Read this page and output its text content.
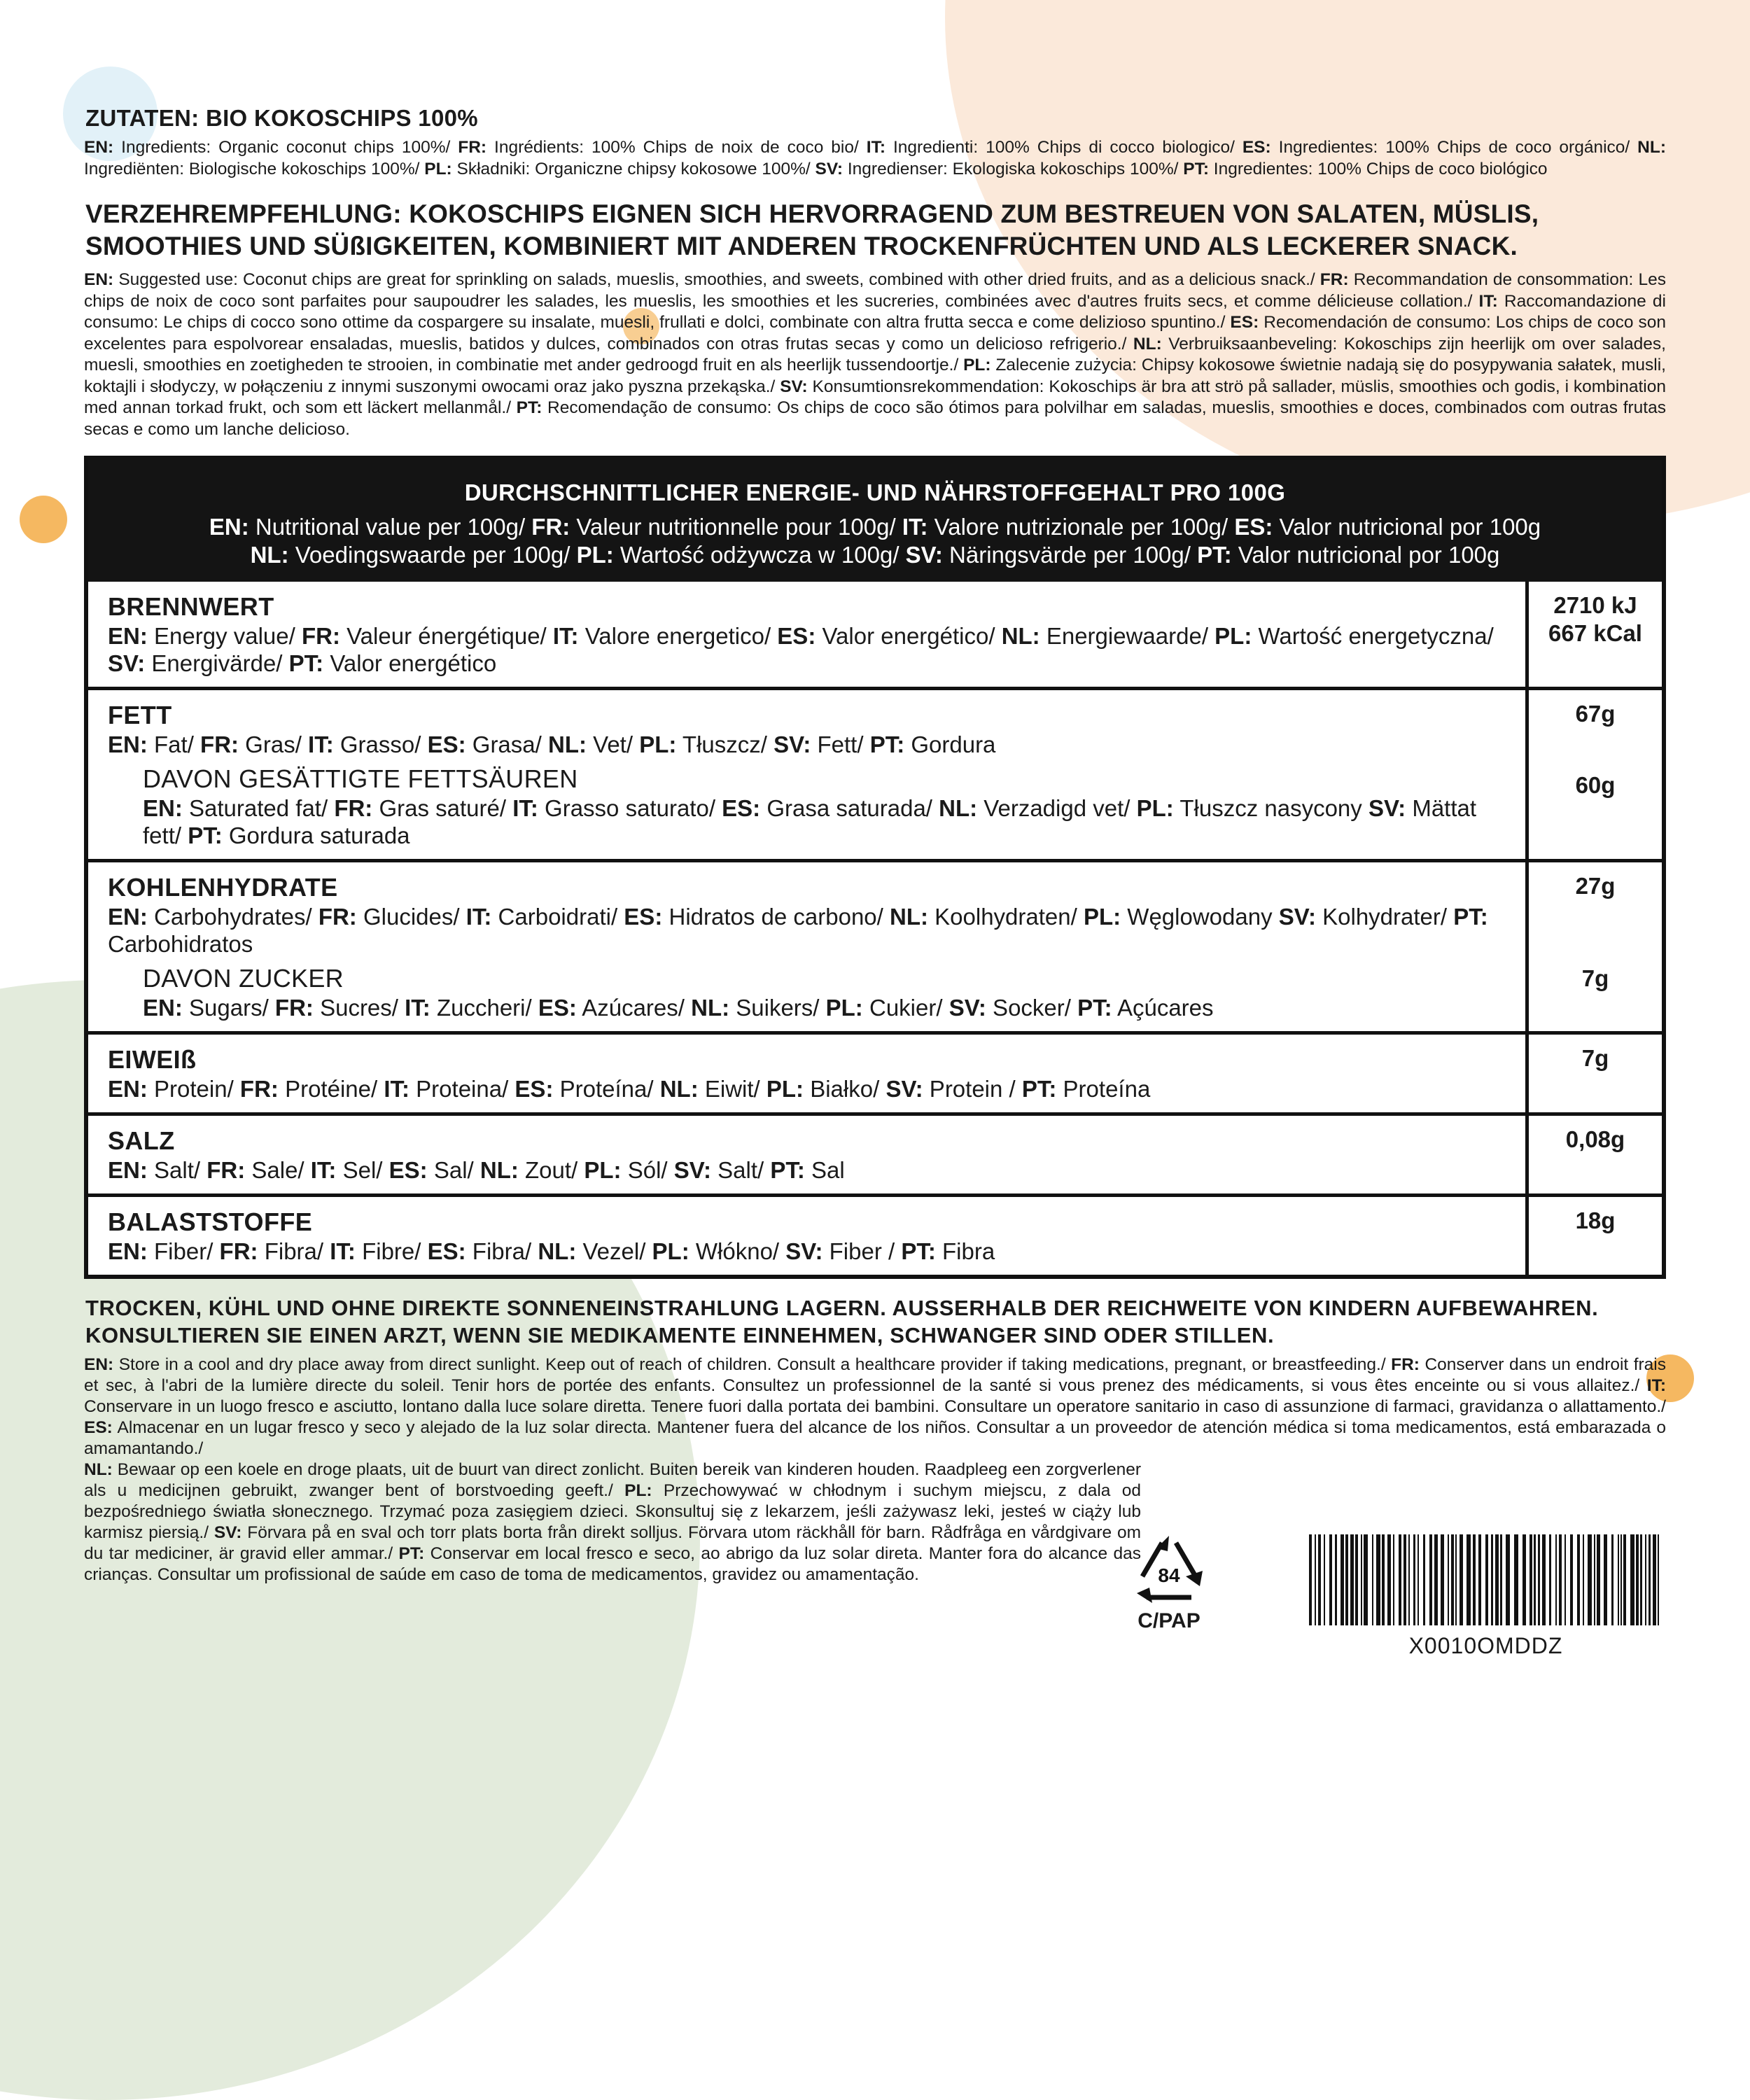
ZUTATEN: BIO KOKOSCHIPS 100%

EN: Ingredients: Organic coconut chips 100%/ FR: Ingrédients: 100% Chips de noix de coco bio/ IT: Ingredienti: 100% Chips di cocco biologico/ ES: Ingredientes: 100% Chips de coco orgánico/ NL: Ingrediënten: Biologische kokoschips 100%/ PL: Składniki: Organiczne chipsy kokosowe 100%/ SV: Ingredienser: Ekologiska kokoschips 100%/ PT: Ingredientes: 100% Chips de coco biológico

VERZEHREMPFEHLUNG: KOKOSCHIPS EIGNEN SICH HERVORRAGEND ZUM BESTREUEN VON SALATEN, MÜSLIS, SMOOTHIES UND SÜßIGKEITEN, KOMBINIERT MIT ANDEREN TROCKENFRÜCHTEN UND ALS LECKERER SNACK.

EN: Suggested use: Coconut chips are great for sprinkling on salads, mueslis, smoothies, and sweets, combined with other dried fruits, and as a delicious snack./ FR: Recommandation de consommation: Les chips de noix de coco sont parfaites pour saupoudrer les salades, les mueslis, les smoothies et les sucreries, combinées avec d'autres fruits secs, et comme délicieuse collation./ IT: Raccomandazione di consumo: Le chips di cocco sono ottime da cospargere su insalate, muesli, frullati e dolci, combinate con altra frutta secca e come delizioso spuntino./ ES: Recomendación de consumo: Los chips de coco son excelentes para espolvorear ensaladas, mueslis, batidos y dulces, combinados con otras frutas secas y como un delicioso refrigerio./ NL: Verbruiksaanbeveling: Kokoschips zijn heerlijk om over salades, muesli, smoothies en zoetigheden te strooien, in combinatie met ander gedroogd fruit en als heerlijk tussendoortje./ PL: Zalecenie zużycia: Chipsy kokosowe świetnie nadają się do posypywania sałatek, musli, koktajli i słodyczy, w połączeniu z innymi suszonymi owocami oraz jako pyszna przekąska./ SV: Konsumtionsrekommendation: Kokoschips är bra att strö på sallader, müslis, smoothies och godis, i kombination med annan torkad frukt, och som ett läckert mellanmål./ PT: Recomendação de consumo: Os chips de coco são ótimos para polvilhar em saladas, mueslis, smoothies e doces, combinados com outras frutas secas e como um lanche delicioso.

DURCHSCHNITTLICHER ENERGIE- UND NÄHRSTOFFGEHALT PRO 100G
EN: Nutritional value per 100g/ FR: Valeur nutritionnelle pour 100g/ IT: Valore nutrizionale per 100g/ ES: Valor nutricional por 100g
NL: Voedingswaarde per 100g/ PL: Wartość odżywcza w 100g/ SV: Näringsvärde per 100g/ PT: Valor nutricional por 100g
BRENNWERT
EN: Energy value/ FR: Valeur énergétique/ IT: Valore energetico/ ES: Valor energético/ NL: Energiewaarde/ PL: Wartość energetyczna/ SV: Energivärde/ PT: Valor energético
2710 kJ
667 kCal
FETT
EN: Fat/ FR: Gras/ IT: Grasso/ ES: Grasa/ NL: Vet/ PL: Tłuszcz/ SV: Fett/ PT: Gordura
DAVON GESÄTTIGTE FETTSÄUREN
EN: Saturated fat/ FR: Gras saturé/ IT: Grasso saturato/ ES: Grasa saturada/ NL: Verzadigd vet/ PL: Tłuszcz nasycony SV: Mättat fett/ PT: Gordura saturada
67g
60g
KOHLENHYDRATE
EN: Carbohydrates/ FR: Glucides/ IT: Carboidrati/ ES: Hidratos de carbono/ NL: Koolhydraten/ PL: Węglowodany SV: Kolhydrater/ PT: Carbohidratos
DAVON ZUCKER
EN: Sugars/ FR: Sucres/ IT: Zuccheri/ ES: Azúcares/ NL: Suikers/ PL: Cukier/ SV: Socker/ PT: Açúcares
27g
7g
EIWEIß
EN: Protein/ FR: Protéine/ IT: Proteina/ ES: Proteína/ NL: Eiwit/ PL: Białko/ SV: Protein / PT: Proteína
7g
SALZ
EN: Salt/ FR: Sale/ IT: Sel/ ES: Sal/ NL: Zout/ PL: Sól/ SV: Salt/ PT: Sal
0,08g
BALASTSTOFFE
EN: Fiber/ FR: Fibra/ IT: Fibre/ ES: Fibra/ NL: Vezel/ PL: Włókno/ SV: Fiber / PT: Fibra
18g
TROCKEN, KÜHL UND OHNE DIREKTE SONNENEINSTRAHLUNG LAGERN. AUSSERHALB DER REICHWEITE VON KINDERN AUFBEWAHREN. KONSULTIEREN SIE EINEN ARZT, WENN SIE MEDIKAMENTE EINNEHMEN, SCHWANGER SIND ODER STILLEN.

EN: Store in a cool and dry place away from direct sunlight. Keep out of reach of children. Consult a healthcare provider if taking medications, pregnant, or breastfeeding./ FR: Conserver dans un endroit frais et sec, à l'abri de la lumière directe du soleil. Tenir hors de portée des enfants. Consultez un professionnel de la santé si vous prenez des médicaments, si vous êtes enceinte ou si vous allaitez./ IT: Conservare in un luogo fresco e asciutto, lontano dalla luce solare diretta. Tenere fuori dalla portata dei bambini. Consultare un operatore sanitario in caso di assunzione di farmaci, gravidanza o allattamento./ ES: Almacenar en un lugar fresco y seco y alejado de la luz solar directa. Mantener fuera del alcance de los niños. Consultar a un proveedor de atención médica si toma medicamentos, está embarazada o amamantando./

NL: Bewaar op een koele en droge plaats, uit de buurt van direct zonlicht. Buiten bereik van kinderen houden. Raadpleeg een zorgverlener als u medicijnen gebruikt, zwanger bent of borstvoeding geeft./ PL: Przechowywać w chłodnym i suchym miejscu, z dala od bezpośredniego światła słonecznego. Trzymać poza zasięgiem dzieci. Skonsultuj się z lekarzem, jeśli zażywasz leki, jesteś w ciąży lub karmisz piersią./ SV: Förvara på en sval och torr plats borta från direkt solljus. Förvara utom räckhåll för barn. Rådfråga en vårdgivare om du tar mediciner, är gravid eller ammar./ PT: Conservar em local fresco e seco, ao abrigo da luz solar direta. Manter fora do alcance das crianças. Consultar um profissional de saúde em caso de toma de medicamentos, gravidez ou amamentação.	84
C/PAP
X0010OMDDZ
